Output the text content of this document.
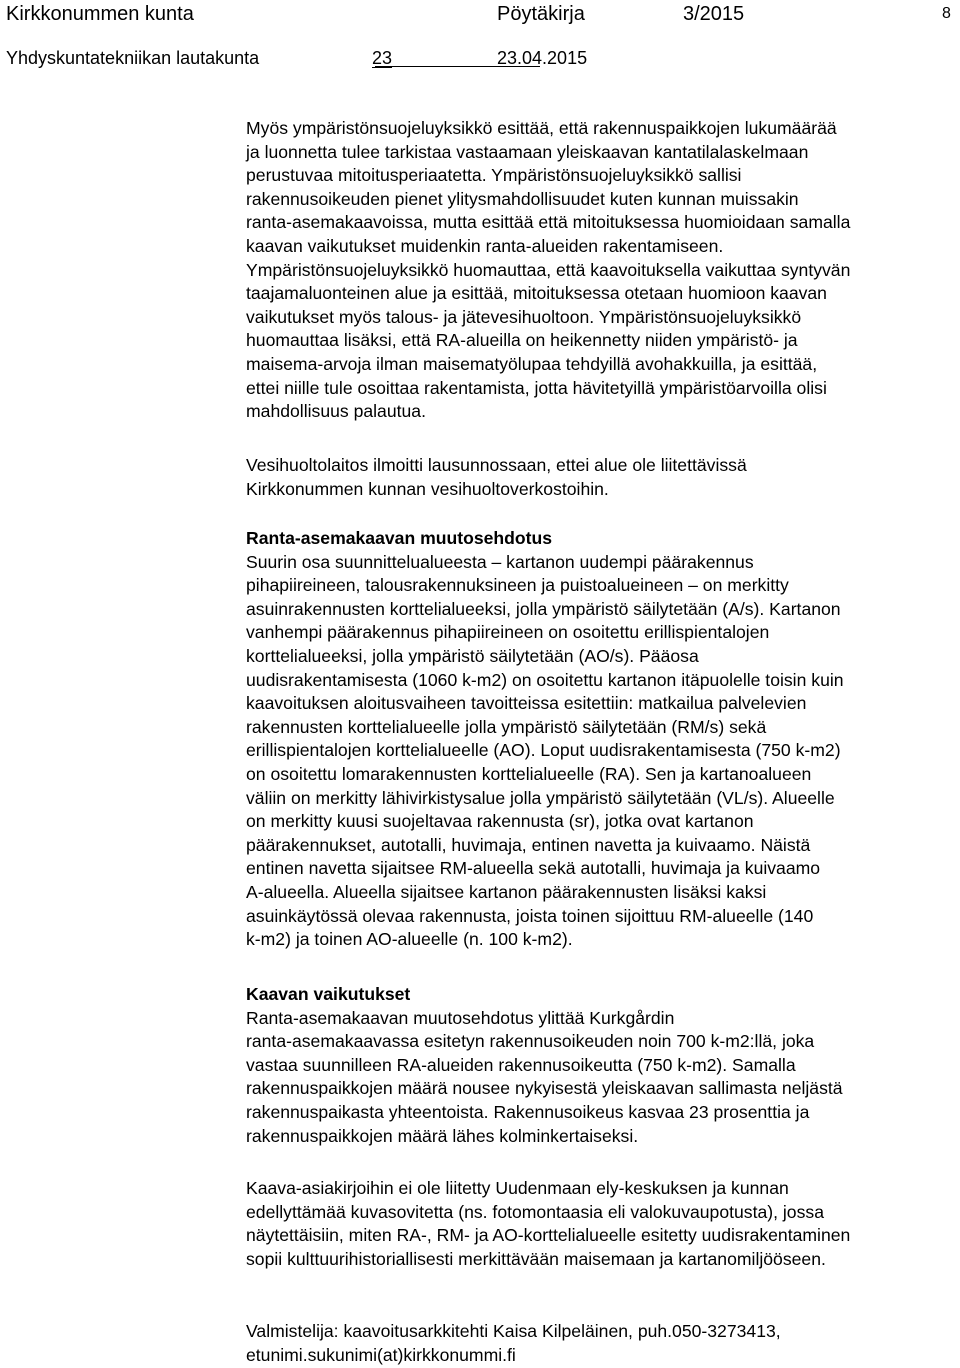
Kirkkonummen kunta	Pöytäkirja	3/2015	8
Yhdyskuntatekniikan lautakunta	23	23.04.2015

Myös ympäristönsuojeluyksikkö esittää, että rakennuspaikkojen lukumäärää

ja luonnetta tulee tarkistaa vastaamaan yleiskaavan kantatilalaskelmaan

perustuvaa mitoitusperiaatetta. Ympäristönsuojeluyksikkö sallisi

rakennusoikeuden pienet ylitysmahdollisuudet kuten kunnan muissakin

ranta-asemakaavoissa, mutta esittää että mitoituksessa huomioidaan samalla

kaavan vaikutukset muidenkin ranta-alueiden rakentamiseen.

Ympäristönsuojeluyksikkö huomauttaa, että kaavoituksella vaikuttaa syntyvän

taajamaluonteinen alue ja esittää, mitoituksessa otetaan huomioon kaavan

vaikutukset myös talous- ja jätevesihuoltoon. Ympäristönsuojeluyksikkö

huomauttaa lisäksi, että RA-alueilla on heikennetty niiden ympäristö- ja

maisema-arvoja ilman maisematyölupaa tehdyillä avohakkuilla, ja esittää,

ettei niille tule osoittaa rakentamista, jotta hävitetyillä ympäristöarvoilla olisi

mahdollisuus palautua.

Vesihuoltolaitos ilmoitti lausunnossaan, ettei alue ole liitettävissä

Kirkkonummen kunnan vesihuoltoverkostoihin.

Ranta-asemakaavan muutosehdotus

Suurin osa suunnittelualueesta – kartanon uudempi päärakennus

pihapiireineen, talousrakennuksineen ja puistoalueineen – on merkitty

asuinrakennusten korttelialueeksi, jolla ympäristö säilytetään (A/s). Kartanon

vanhempi päärakennus pihapiireineen on osoitettu erillispientalojen

korttelialueeksi, jolla ympäristö säilytetään (AO/s). Pääosa

uudisrakentamisesta (1060 k-m2) on osoitettu kartanon itäpuolelle toisin kuin

kaavoituksen aloitusvaiheen tavoitteissa esitettiin: matkailua palvelevien

rakennusten korttelialueelle jolla ympäristö säilytetään (RM/s) sekä

erillispientalojen korttelialueelle (AO). Loput uudisrakentamisesta (750 k-m2)

on osoitettu lomarakennusten korttelialueelle (RA). Sen ja kartanoalueen

väliin on merkitty lähivirkistysalue jolla ympäristö säilytetään (VL/s). Alueelle

on merkitty kuusi suojeltavaa rakennusta (sr), jotka ovat kartanon

päärakennukset, autotalli, huvimaja, entinen navetta ja kuivaamo. Näistä

entinen navetta sijaitsee RM-alueella sekä autotalli, huvimaja ja kuivaamo

A-alueella. Alueella sijaitsee kartanon päärakennusten lisäksi kaksi

asuinkäytössä olevaa rakennusta, joista toinen sijoittuu RM-alueelle (140

k-m2) ja toinen AO-alueelle (n. 100 k-m2).

Kaavan vaikutukset

Ranta-asemakaavan muutosehdotus ylittää Kurkgårdin

ranta-asemakaavassa esitetyn rakennusoikeuden noin 700 k-m2:llä, joka

vastaa suunnilleen RA-alueiden rakennusoikeutta (750 k-m2). Samalla

rakennuspaikkojen määrä nousee nykyisestä yleiskaavan sallimasta neljästä

rakennuspaikasta yhteentoista. Rakennusoikeus kasvaa 23 prosenttia ja

rakennuspaikkojen määrä lähes kolminkertaiseksi.

Kaava-asiakirjoihin ei ole liitetty Uudenmaan ely-keskuksen ja kunnan

edellyttämää kuvasovitetta (ns. fotomontaasia eli valokuvaupotusta), jossa

näytettäisiin, miten RA-, RM- ja AO-korttelialueelle esitetty uudisrakentaminen

sopii kulttuurihistoriallisesti merkittävään maisemaan ja kartanomiljööseen.

Valmistelija: kaavoitusarkkitehti Kaisa Kilpeläinen, puh.050-3273413,

etunimi.sukunimi(at)kirkkonummi.fi
